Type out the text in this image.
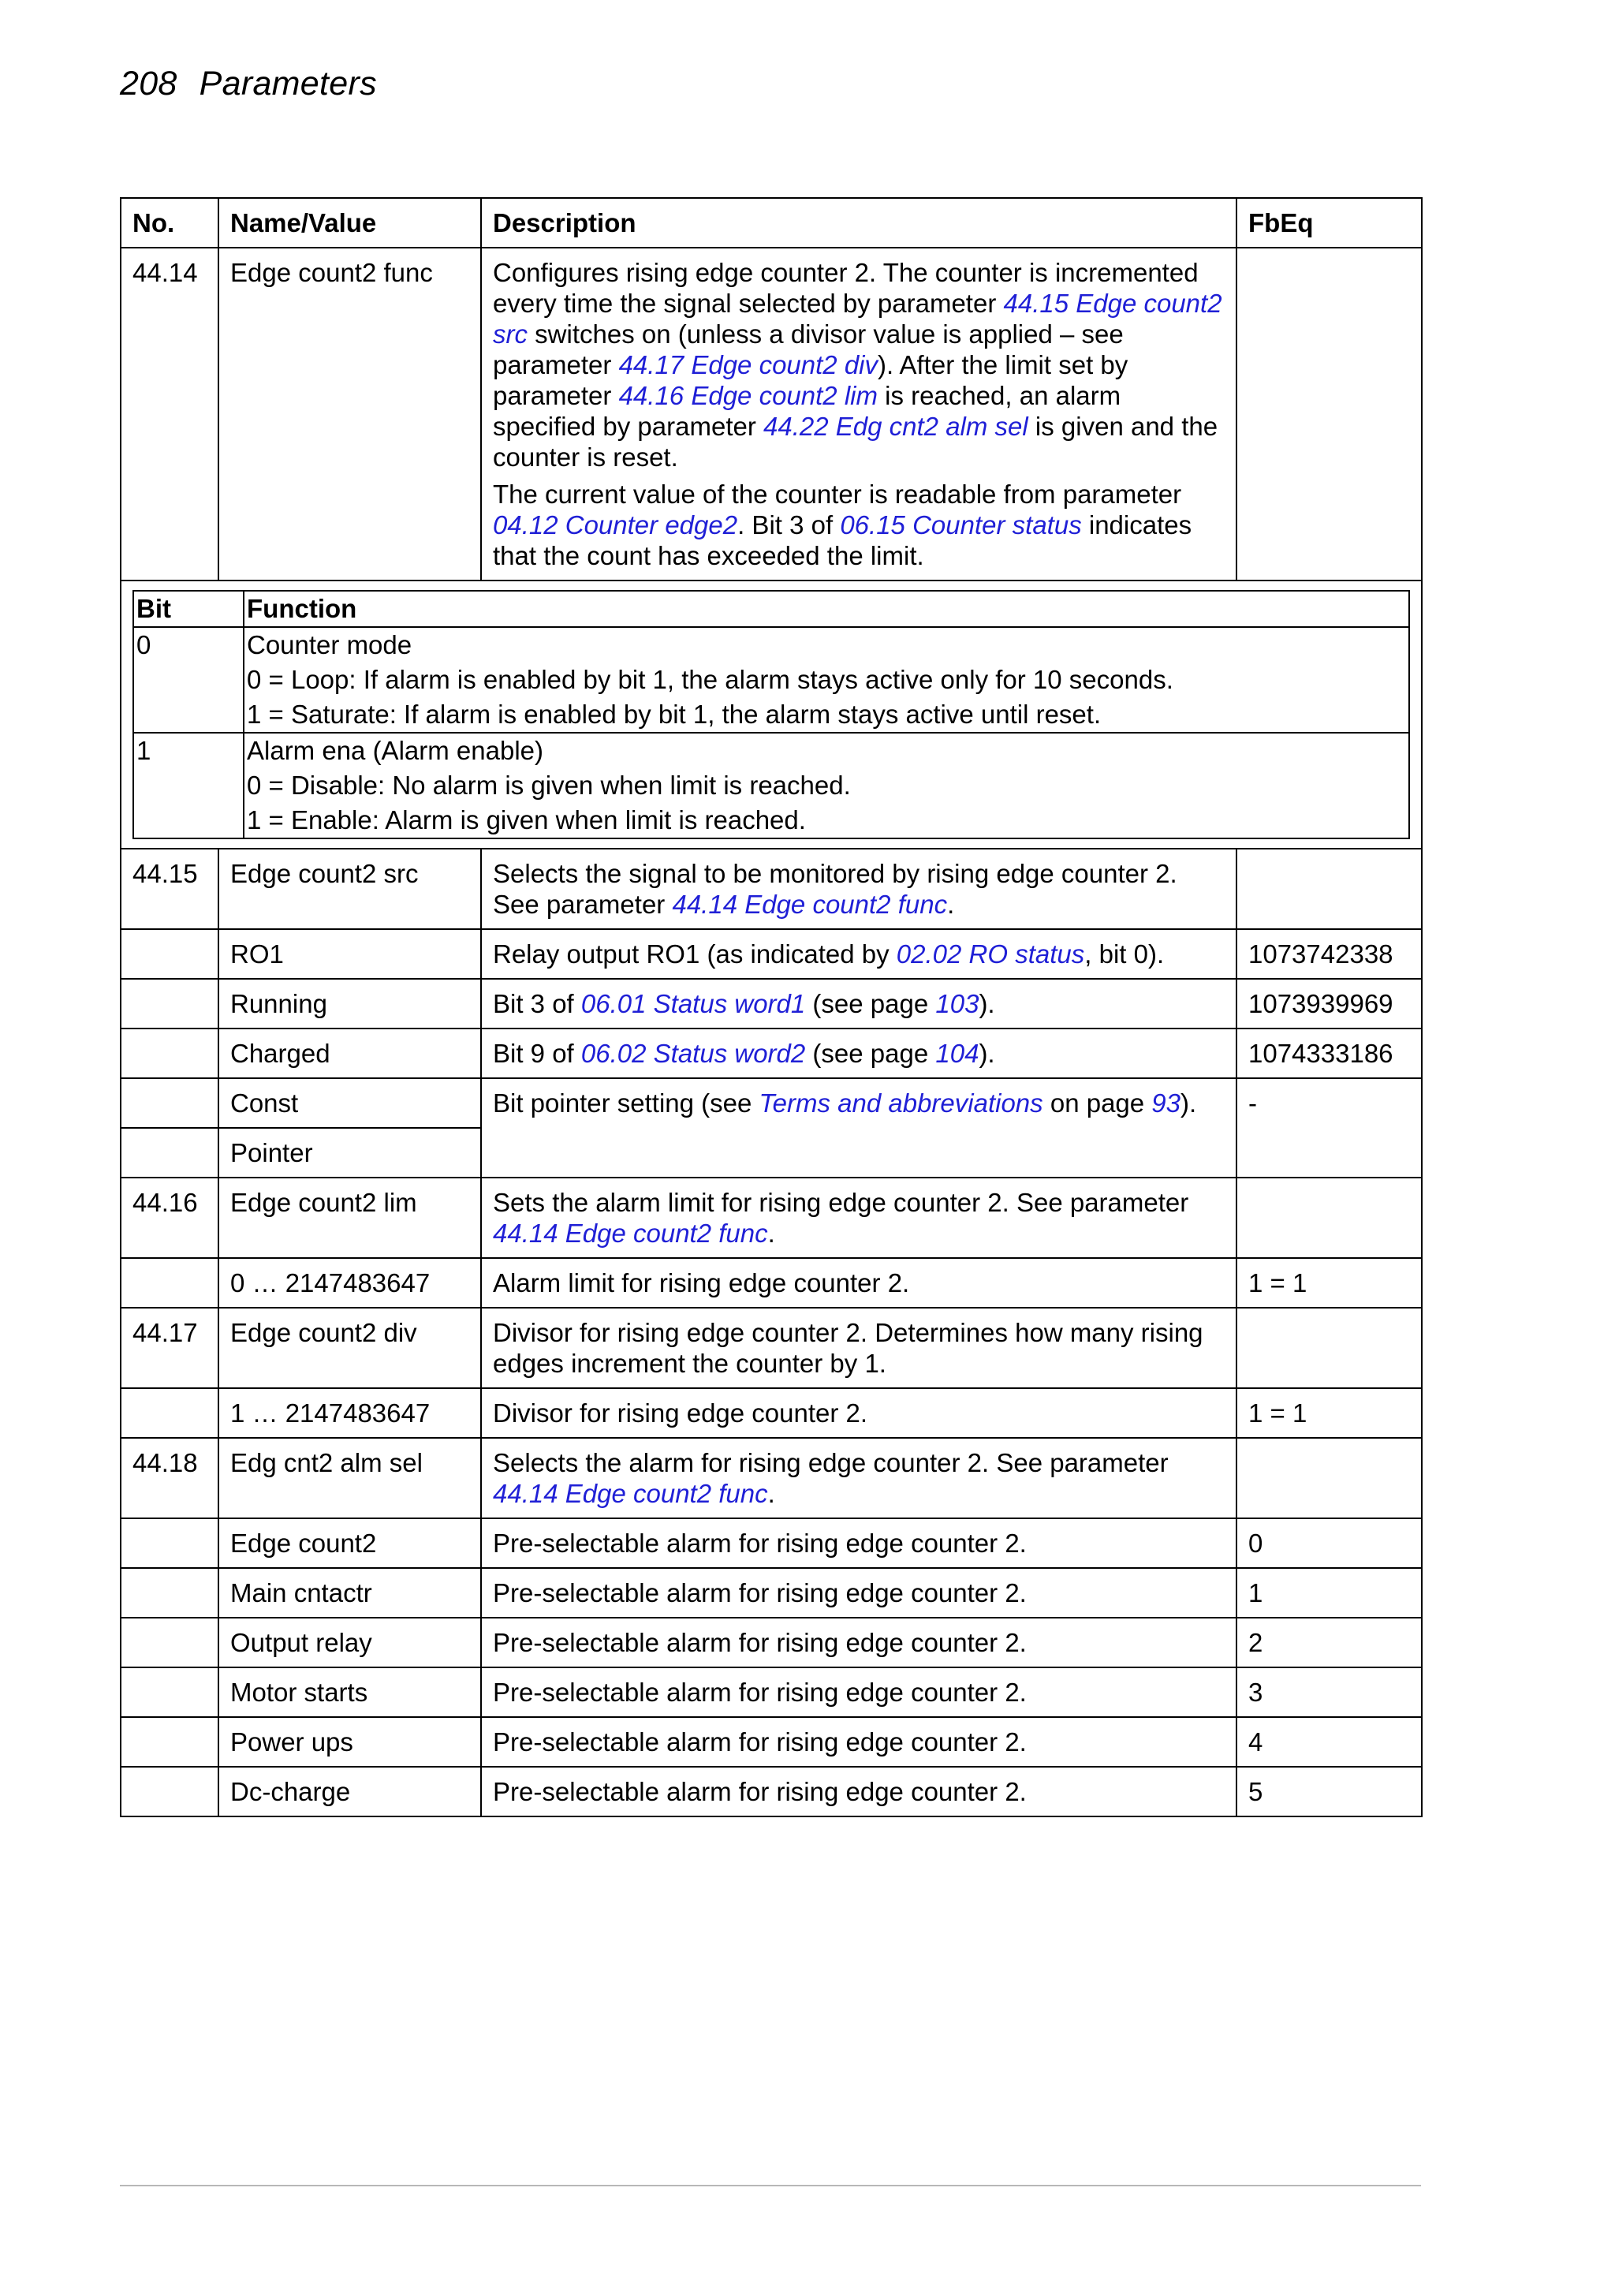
208 Parameters
No.	Name/Value	Description	FbEq
44.14	Edge count2 func	Configures rising edge counter 2. The counter is incremented every time the signal selected by parameter 44.15 Edge count2 src switches on (unless a divisor value is applied – see parameter 44.17 Edge count2 div). After the limit set by parameter 44.16 Edge count2 lim is reached, an alarm specified by parameter 44.22 Edg cnt2 alm sel is given and the counter is reset.
The current value of the counter is readable from parameter 04.12 Counter edge2. Bit 3 of 06.15 Counter status indicates that the count has exceeded the limit.

Bit	Function
0	Counter mode
0 = Loop: If alarm is enabled by bit 1, the alarm stays active only for 10 seconds.
1 = Saturate: If alarm is enabled by bit 1, the alarm stays active until reset.

1	Alarm ena (Alarm enable)
0 = Disable: No alarm is given when limit is reached.
1 = Enable: Alarm is given when limit is reached.

44.15	Edge count2 src	Selects the signal to be monitored by rising edge counter 2. See parameter 44.14 Edge count2 func.	
	RO1	Relay output RO1 (as indicated by 02.02 RO status, bit 0).	1073742338
	Running	Bit 3 of 06.01 Status word1 (see page 103).	1073939969
	Charged	Bit 9 of 06.02 Status word2 (see page 104).	1074333186
	Const	Bit pointer setting (see Terms and abbreviations on page 93).	-
	Pointer
44.16	Edge count2 lim	Sets the alarm limit for rising edge counter 2. See parameter 44.14 Edge count2 func.	
	0 … 2147483647	Alarm limit for rising edge counter 2.	1 = 1
44.17	Edge count2 div	Divisor for rising edge counter 2. Determines how many rising edges increment the counter by 1.	
	1 … 2147483647	Divisor for rising edge counter 2.	1 = 1
44.18	Edg cnt2 alm sel	Selects the alarm for rising edge counter 2. See parameter 44.14 Edge count2 func.	
	Edge count2	Pre-selectable alarm for rising edge counter 2.	0
	Main cntactr	Pre-selectable alarm for rising edge counter 2.	1
	Output relay	Pre-selectable alarm for rising edge counter 2.	2
	Motor starts	Pre-selectable alarm for rising edge counter 2.	3
	Power ups	Pre-selectable alarm for rising edge counter 2.	4
	Dc-charge	Pre-selectable alarm for rising edge counter 2.	5
